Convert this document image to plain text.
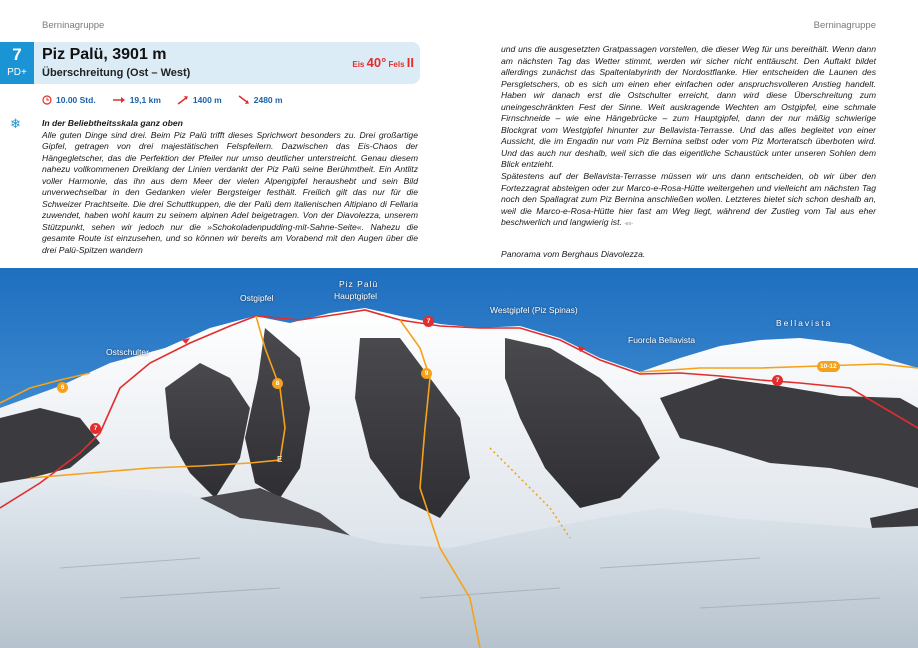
Berninagruppe	Berninagruppe
7
PD+
Piz Palü, 3901 m
Überschreitung (Ost – West)
Eis 40° Fels II
10.00 Std.	19,1 km	1400 m	2480 m
❄ In der Beliebtheitsskala ganz oben

Alle guten Dinge sind drei. Beim Piz Palü trifft dieses Sprichwort besonders zu. Drei großartige Gipfel, getragen von drei majestätischen Felspfeilern. Dazwischen das Eis-Chaos der Hängegletscher, das die Perfektion der Pfeiler nur umso deutlicher unterstreicht. Genau diesem nahezu vollkommenen Dreiklang der Linien verdankt der Piz Palü seine Berühmtheit. Ein Antlitz voller Harmonie, das ihn aus dem Meer der vielen Alpengipfel heraushebt und sein Bild unverwechselbar in den Gedanken vieler Bergsteiger festhält. Freilich gilt das nur für die Schweizer Prachtseite. Die drei Schuttkuppen, die der Palü dem italienischen Altipiano di Fellaria zuwendet, haben wohl kaum zu seinem alpinen Adel beigetragen. Von der Diavolezza, unserem Stützpunkt, sehen wir jedoch nur die »Schokoladenpudding-mit-Sahne-Seite«. Nahezu die gesamte Route ist einzusehen, und so können wir bereits am Vorabend mit den Augen über die drei Palü-Spitzen wandern

und uns die ausgesetzten Gratpassagen vorstellen, die dieser Weg für uns bereithält. Wenn dann am nächsten Tag das Wetter stimmt, werden wir sicher nicht enttäuscht. Den Auftakt bildet allerdings zunächst das Spaltenlabyrinth der Nordostflanke. Hier entscheiden die Launen des Persgletschers, ob es sich um einen eher einfachen oder anspruchsvolleren Anstieg handelt. Haben wir danach erst die Ostschulter erreicht, dann wird diese Überschreitung zum uneingeschränkten Fest der Sinne. Weit auskragende Wechten am Ostgipfel, eine schmale Firnschneide – wie eine Hängebrücke – zum Hauptgipfel, dann der nur mäßig schwierige Blockgrat vom Westgipfel hinunter zur Bellavista-Terrasse. Und das alles begleitet von einer Aussicht, die im Engadin nur vom Piz Bernina selbst oder vom Piz Morteratsch überboten wird. Und das auch nur deshalb, weil sich die das eigentliche Schaustück unter unseren Sohlen dem Blick entzieht.

Spätestens auf der Bellavista-Terrasse müssen wir uns dann entscheiden, ob wir über den Fortezzagrat absteigen oder zur Marco-e-Rosa-Hütte weitergehen und vielleicht am nächsten Tag noch den Spallagrat zum Piz Bernina anschließen wollen. Letzteres bietet sich schon deshalb an, weil die Marco-e-Rosa-Hütte hier fast am Weg liegt, während der Zustieg vom Tal aus eher beschwerlich und langwierig ist. -es-

Panorama vom Berghaus Diavolezza.
Ostschulter
Ostgipfel
Piz Palü
Hauptgipfel
Westgipfel (Piz Spinas)
Fuorcla Bellavista
Bellavista
6
7
7
7
8
9
10-12
E
